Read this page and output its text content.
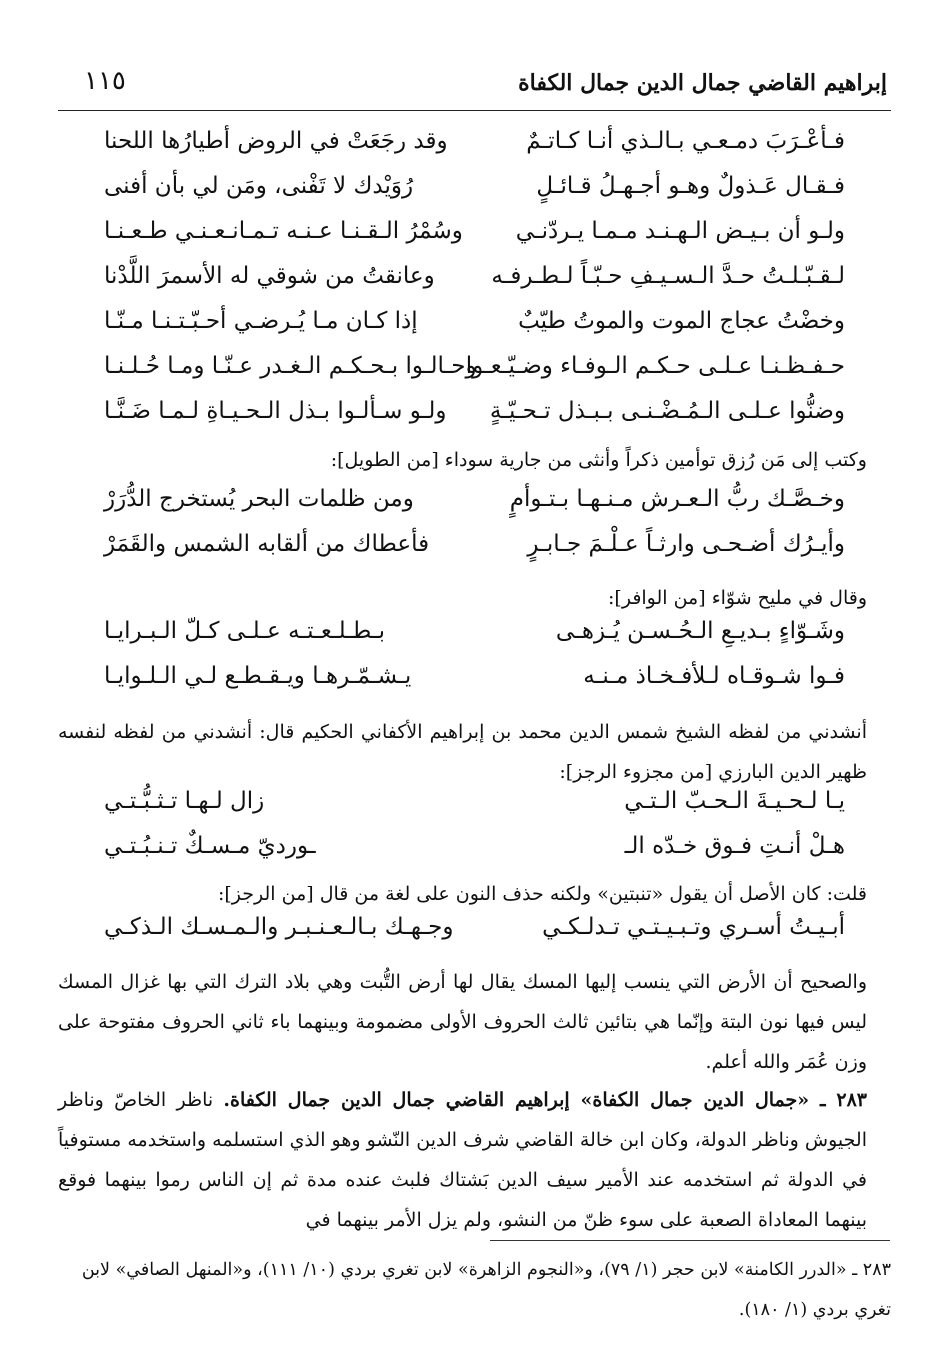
إبراهيم القاضي جمال الدين جمال الكفاة
١١٥
فـأعْـرَبَ دمـعـي بـالـذي أنـا كـاتـمٌ
وقد رجَعَتْ في الروض أطيارُها اللحنا
فـقـال عَـذولٌ وهـو أجـهـلُ قـائـلٍ
رُوَيْدك لا تَفْنى، ومَن لي بأن أفنى
ولـو أن بـيـض الـهـنـد مـمـا يـردّنـي
وسُمْرُ الـقـنـا عـنـه تـمـانـعـنـي طـعـنـا
لـقـبّـلـتُ حـدَّ الـسـيـفِ حـبّـاً لـطـرفـه
وعانقتُ من شوقي له الأسمرَ اللَّدْنا
وخضْتُ عجاج الموت والموتُ طيّبٌ
إذا كـان مـا يُـرضـي أحـبّـتـنـا مـنّـا
حـفـظـنـا عـلـى حـكـم الـوفـاء وضـيّـعـوا
وحـالـوا بـحـكـم الـغـدر عـنّـا ومـا حُـلـنـا
وضنُّوا عـلـى الـمُـضْـنـى بـبـذل تـحـيّـةٍ
ولـو سـألـوا بـذل الـحـيـاةِ لـمـا ضَـنَّـا

وكتب إلى مَن رُزق توأمين ذكراً وأنثى من جارية سوداء [من الطويل]:

وخـصَّـك ربُّ الـعـرش مـنـهـا بـتـوأمٍ
ومن ظلمات البحر يُستخرج الدُّرَرْ
وأيـرُك أضـحـى وارثـاً عـلْـمَ جـابـرٍ
فأعطاك من ألقابه الشمس والقَمَرْ

وقال في مليح شوّاء [من الوافر]:

وشَـوّاءٍ بـديـعِ الـحُـسـن يُـزهـى
بـطـلـعـتـه عـلـى كـلّ الـبـرايـا
فـوا شـوقـاه لـلأفـخـاذ مـنـه
يـشـمّـرهـا ويـقـطـع لـي الـلـوايـا

أنشدني من لفظه الشيخ شمس الدين محمد بن إبراهيم الأكفاني الحكيم قال: أنشدني من لفظه لنفسه ظهير الدين البارزي [من مجزوء الرجز]:

يـا لـحـيـةَ الـحـبّ الـتـي
زال لـهـا تـثـبُّـتـي
هـلْ أنـتِ فـوق خـدّه الـ
ـورديّ مـسـكٌ تـنـبُـتـي

قلت: كان الأصل أن يقول «تنبتين» ولكنه حذف النون على لغة من قال [من الرجز]:

أبـيـتُ أسـري وتـبـيـتـي تـدلـكـي
وجـهـك بـالـعـنـبـر والـمـسـك الـذكـي

والصحيح أن الأرض التي ينسب إليها المسك يقال لها أرض التُّبت وهي بلاد الترك التي بها غزال المسك ليس فيها نون البتة وإنّما هي بتائين ثالث الحروف الأولى مضمومة وبينهما باء ثاني الحروف مفتوحة على وزن عُمَر والله أعلم.

٢٨٣ ـ «جمال الدين جمال الكفاة» إبراهيم القاضي جمال الدين جمال الكفاة. ناظر الخاصّ وناظر الجيوش وناظر الدولة، وكان ابن خالة القاضي شرف الدين النّشو وهو الذي استسلمه واستخدمه مستوفياً في الدولة ثم استخدمه عند الأمير سيف الدين بَشتاك فلبث عنده مدة ثم إن الناس رموا بينهما فوقع بينهما المعاداة الصعبة على سوء ظنّ من النشو، ولم يزل الأمر بينهما في

٢٨٣ ـ «الدرر الكامنة» لابن حجر (١/ ٧٩)، و«النجوم الزاهرة» لابن تغري بردي (١٠/ ١١١)، و«المنهل الصافي» لابن تغري بردي (١/ ١٨٠).
